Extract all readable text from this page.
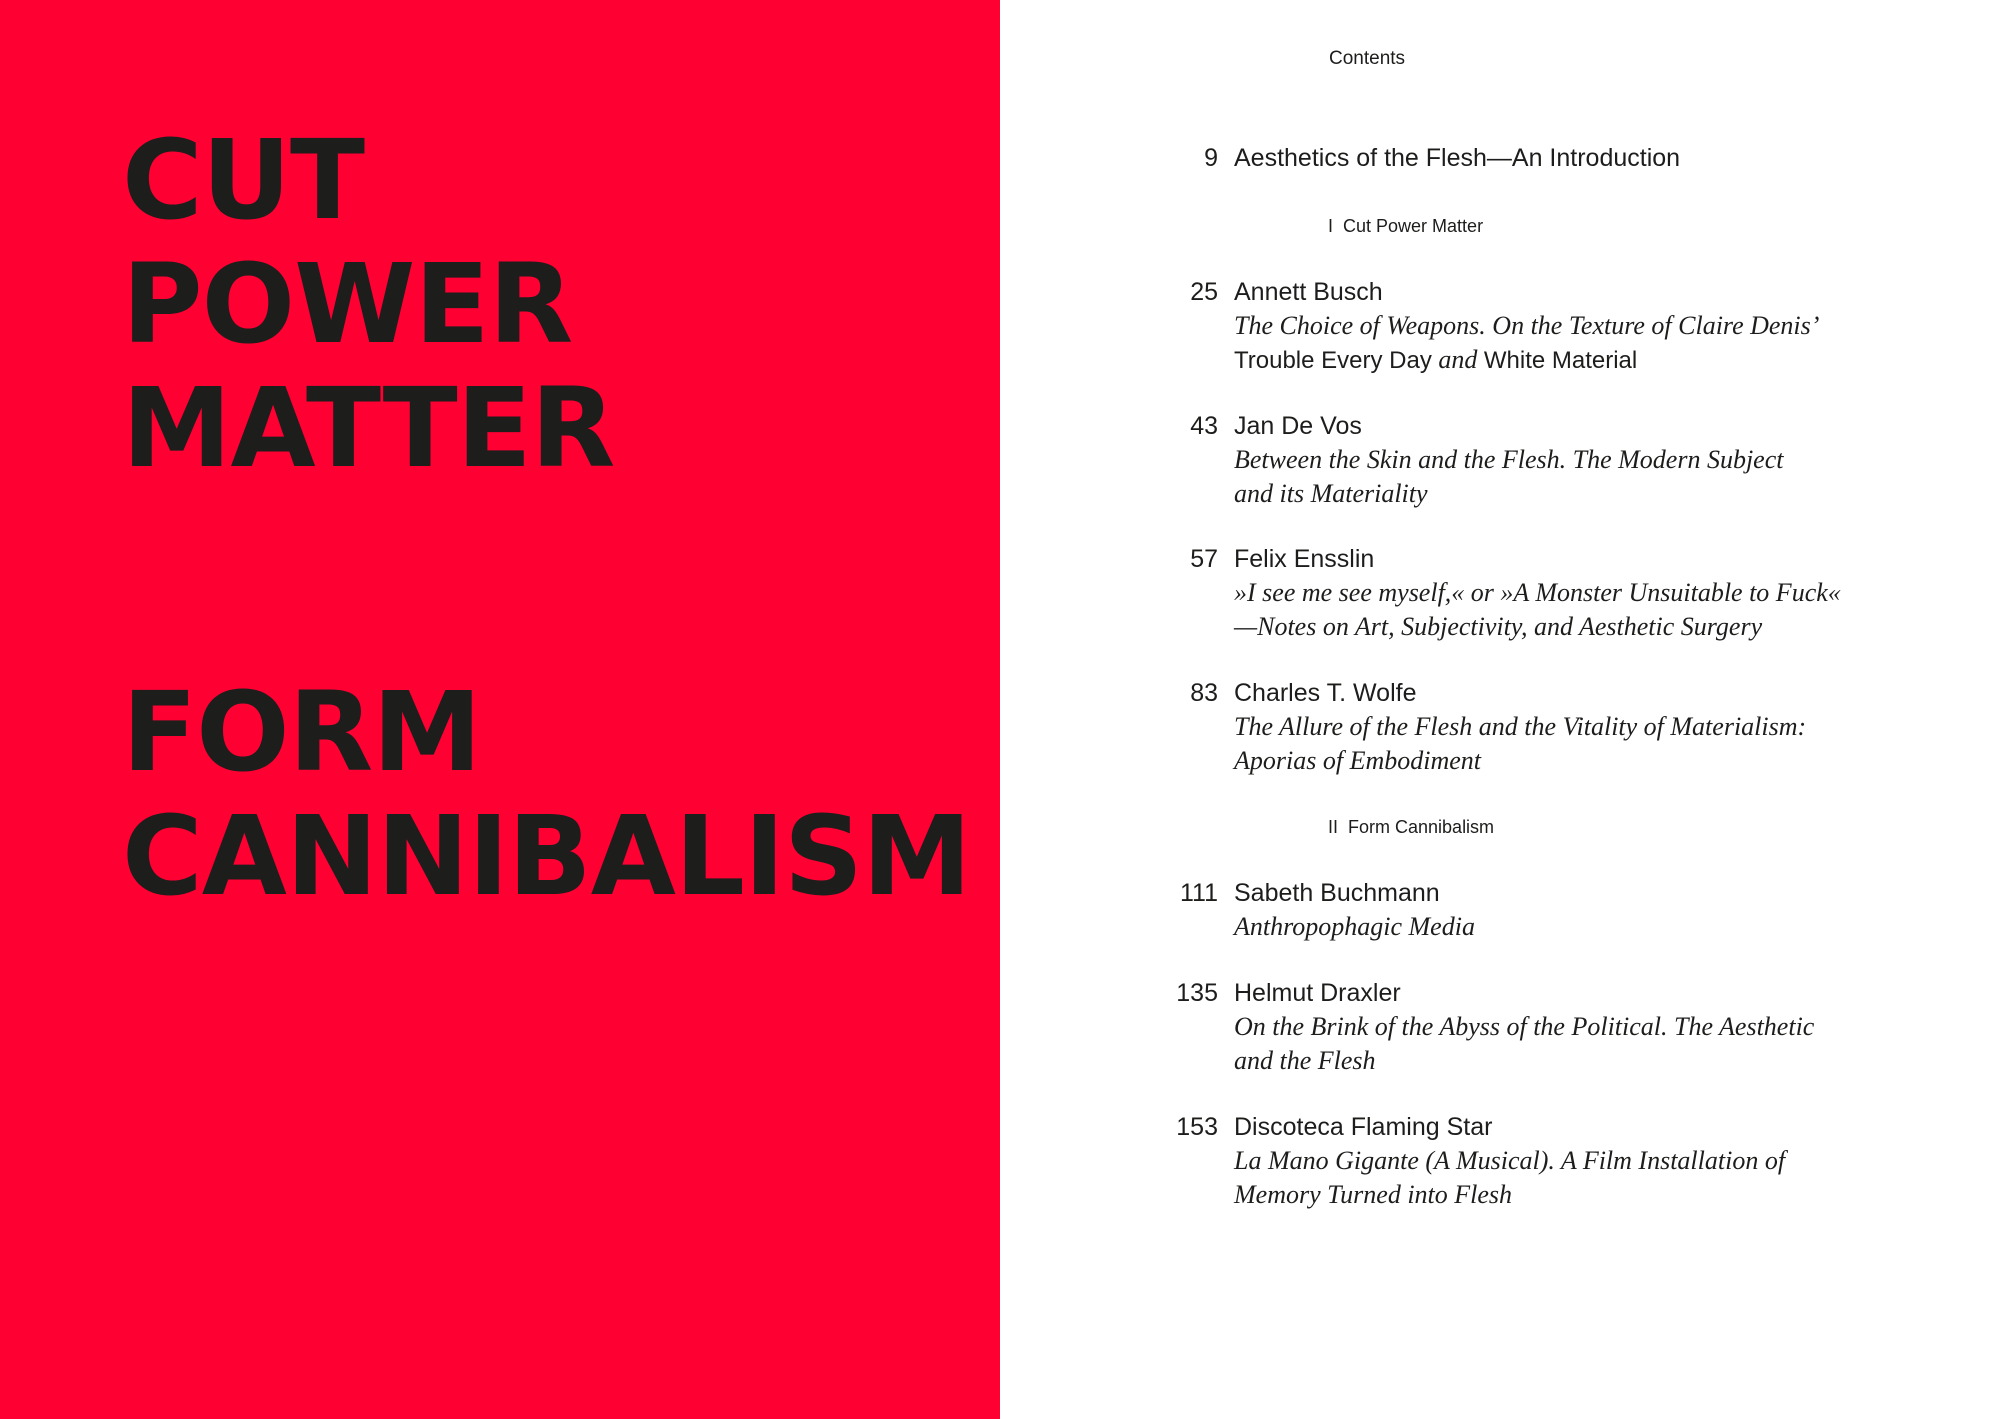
CUT
POWER
MATTER
FORM
CANNIBALISM
Contents
9 Aesthetics of the Flesh—An Introduction
I Cut Power Matter
25 Annett Busch
The Choice of Weapons. On the Texture of Claire Denis’
Trouble Every Day and White Material
43 Jan De Vos
Between the Skin and the Flesh. The Modern Subject
and its Materiality
57 Felix Ensslin
»I see me see myself,« or »A Monster Unsuitable to Fuck«
—Notes on Art, Subjectivity, and Aesthetic Surgery
83 Charles T. Wolfe
The Allure of the Flesh and the Vitality of Materialism:
Aporias of Embodiment
II Form Cannibalism
111 Sabeth Buchmann
Anthropophagic Media
135 Helmut Draxler
On the Brink of the Abyss of the Political. The Aesthetic
and the Flesh
153 Discoteca Flaming Star
La Mano Gigante (A Musical). A Film Installation of
Memory Turned into Flesh
